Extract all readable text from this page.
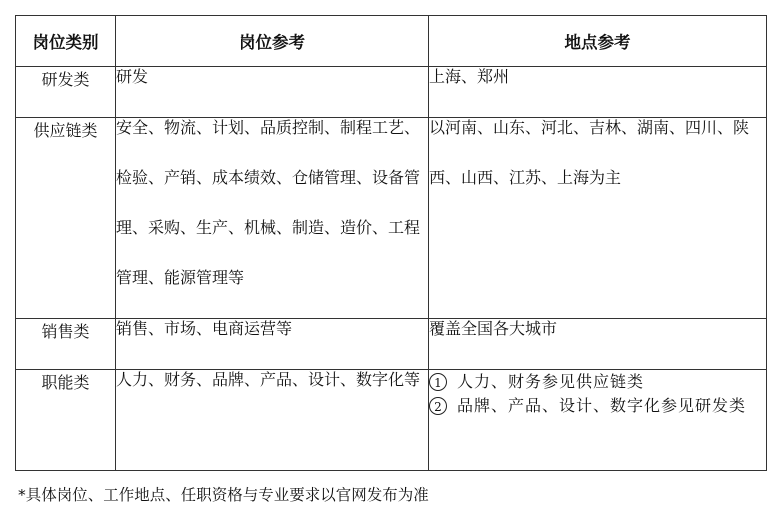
岗位类别	岗位参考	地点参考
研发类	研发	上海、郑州

供应链类	安全、物流、计划、品质控制、制程工艺、检验、产销、成本绩效、仓储管理、设备管理、采购、生产、机械、制造、造价、工程管理、能源管理等	以河南、山东、河北、吉林、湖南、四川、陕西、山西、江苏、上海为主

销售类	销售、市场、电商运营等	覆盖全国各大城市

职能类	人力、财务、品牌、产品、设计、数字化等	1 人力、财务参见供应链类
2 品牌、产品、设计、数字化参见研发类
*具体岗位、工作地点、任职资格与专业要求以官网发布为准
